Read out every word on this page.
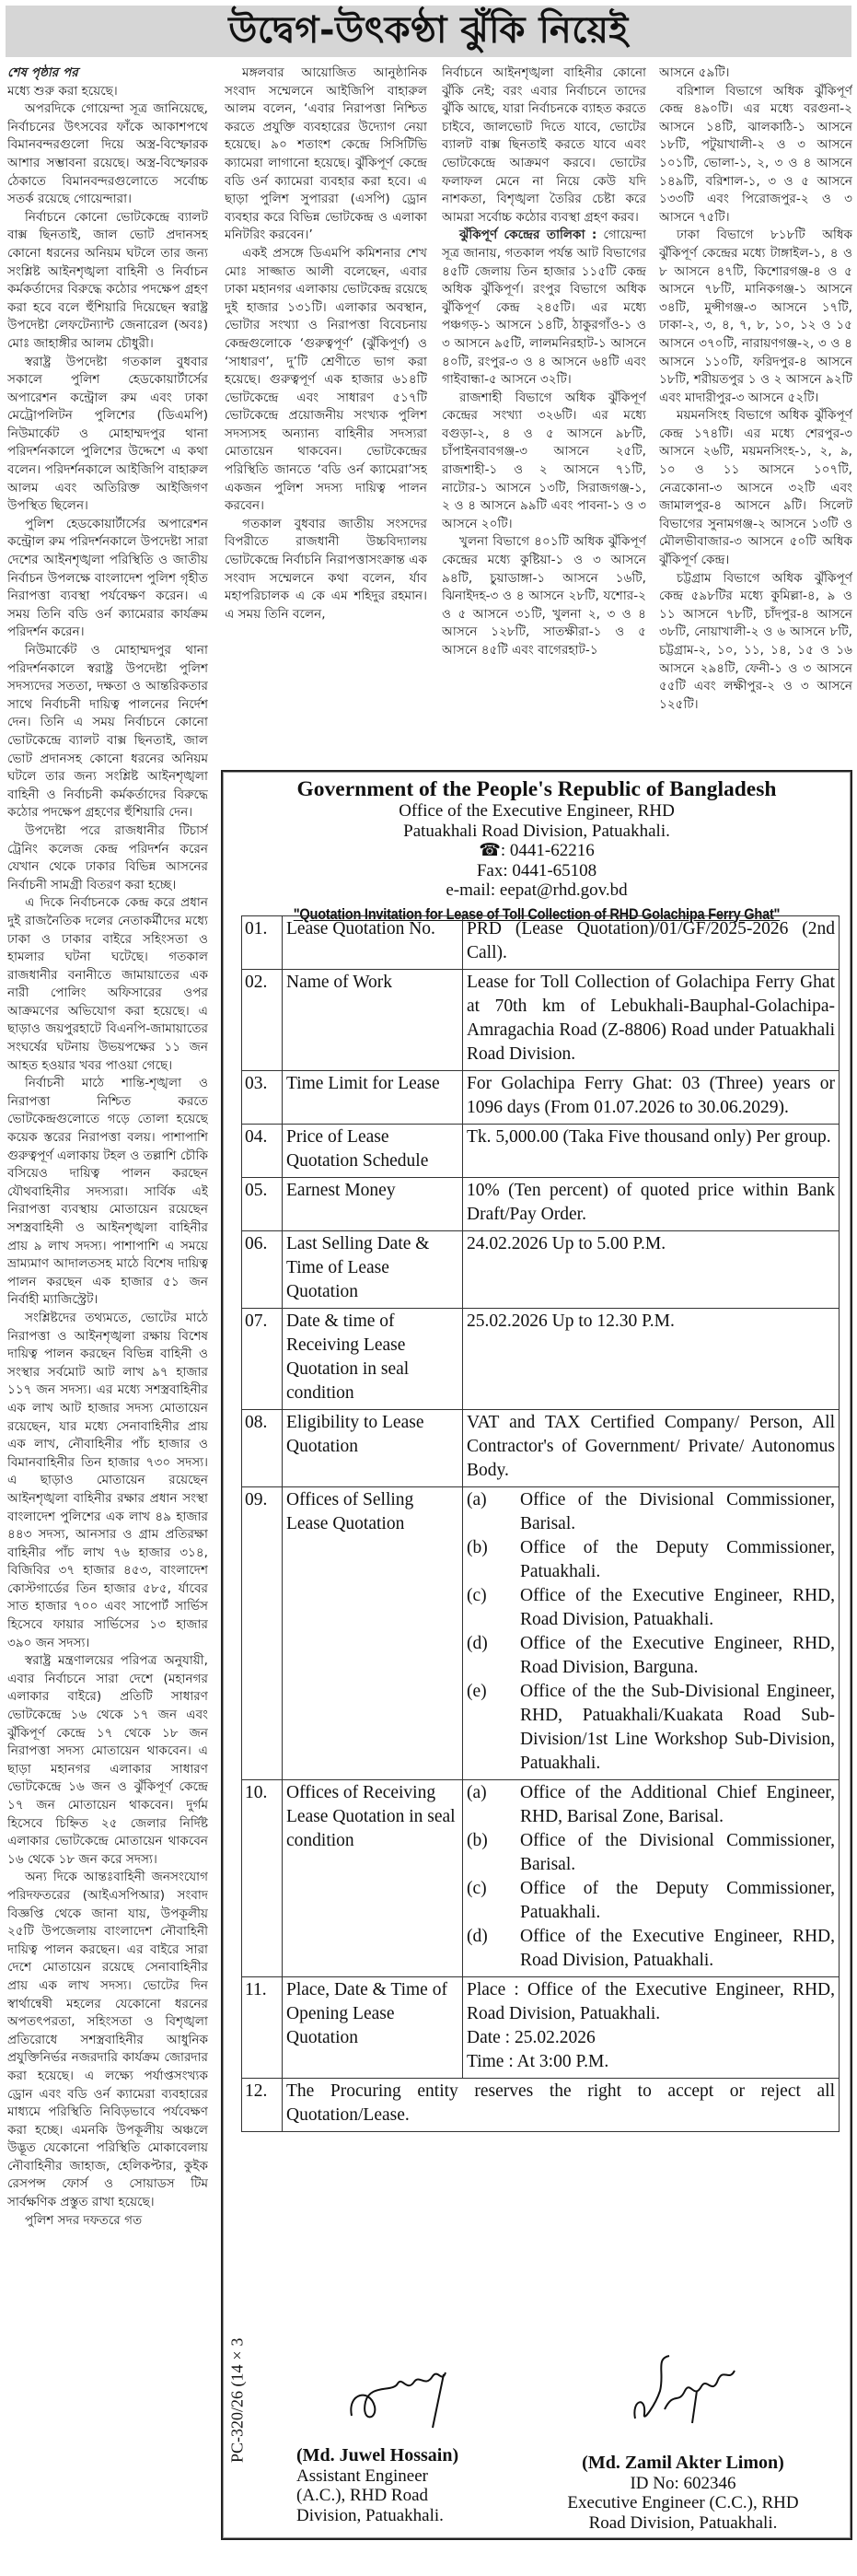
উদ্বেগ-উৎকণ্ঠা ঝুঁকি নিয়েই

শেষ পৃষ্ঠার পর

মধ্যে শুরু করা হয়েছে।

অপরদিকে গোয়েন্দা সূত্র জানিয়েছে, নির্বাচনের উৎসবের ফাঁকে আকাশপথে বিমানবন্দরগুলো দিয়ে অস্ত্র-বিস্ফোরক আশার সম্ভাবনা রয়েছে। অস্ত্র-বিস্ফোরক ঠেকাতে বিমানবন্দরগুলোতে সর্বোচ্চ সতর্ক রয়েছে গোয়েন্দারা।

নির্বাচনে কোনো ভোটকেন্দ্রে ব্যালট বাক্স ছিনতাই, জাল ভোট প্রদানসহ কোনো ধরনের অনিয়ম ঘটলে তার জন্য সংশ্লিষ্ট আইনশৃঙ্খলা বাহিনী ও নির্বাচন কর্মকর্তাদের বিরুদ্ধে কঠোর পদক্ষেপ গ্রহণ করা হবে বলে হুঁশিয়ারি দিয়েছেন স্বরাষ্ট্র উপদেষ্টা লেফটেন্যান্ট জেনারেল (অবঃ) মোঃ জাহাঙ্গীর আলম চৌধুরী।

স্বরাষ্ট্র উপদেষ্টা গতকাল বুধবার সকালে পুলিশ হেডকোয়ার্টার্সের অপারেশন কন্ট্রোল রুম এবং ঢাকা মেট্রোপলিটন পুলিশের (ডিএমপি) নিউমার্কেট ও মোহাম্মদপুর থানা পরিদর্শনকালে পুলিশের উদ্দেশে এ কথা বলেন। পরিদর্শনকালে আইজিপি বাহারুল আলম এবং অতিরিক্ত আইজিগণ উপস্থিত ছিলেন।

পুলিশ হেডকোয়ার্টার্সের অপারেশন কন্ট্রোল রুম পরিদর্শনকালে উপদেষ্টা সারা দেশের আইনশৃঙ্খলা পরিস্থিতি ও জাতীয় নির্বাচন উপলক্ষে বাংলাদেশ পুলিশ গৃহীত নিরাপত্তা ব্যবস্থা পর্যবেক্ষণ করেন। এ সময় তিনি বডি ওর্ন ক্যামেরার কার্যক্রম পরিদর্শন করেন।

নিউমার্কেট ও মোহাম্মদপুর থানা পরিদর্শনকালে স্বরাষ্ট্র উপদেষ্টা পুলিশ সদস্যদের সততা, দক্ষতা ও আন্তরিকতার সাথে নির্বাচনী দায়িত্ব পালনের নির্দেশ দেন। তিনি এ সময় নির্বাচনে কোনো ভোটকেন্দ্রে ব্যালট বাক্স ছিনতাই, জাল ভোট প্রদানসহ কোনো ধরনের অনিয়ম ঘটলে তার জন্য সংশ্লিষ্ট আইনশৃঙ্খলা বাহিনী ও নির্বাচনী কর্মকর্তাদের বিরুদ্ধে কঠোর পদক্ষেপ গ্রহণের হুঁশিয়ারি দেন।

উপদেষ্টা পরে রাজধানীর টিচার্স ট্রেনিং কলেজ কেন্দ্র পরিদর্শন করেন যেখান থেকে ঢাকার বিভিন্ন আসনের নির্বাচনী সামগ্রী বিতরণ করা হচ্ছে।

এ দিকে নির্বাচনকে কেন্দ্র করে প্রধান দুই রাজনৈতিক দলের নেতাকর্মীদের মধ্যে ঢাকা ও ঢাকার বাইরে সহিংসতা ও হামলার ঘটনা ঘটেছে। গতকাল রাজধানীর বনানীতে জামায়াতের এক নারী পোলিং অফিসারের ওপর আক্রমণের অভিযোগ করা হয়েছে। এ ছাড়াও জয়পুরহাটে বিএনপি-জামায়াতের সংঘর্ষের ঘটনায় উভয়পক্ষের ১১ জন আহত হওয়ার খবর পাওয়া গেছে।

নির্বাচনী মাঠে শান্তি-শৃঙ্খলা ও নিরাপত্তা নিশ্চিত করতে ভোটকেন্দ্রগুলোতে গড়ে তোলা হয়েছে কয়েক স্তরের নিরাপত্তা বলয়। পাশাপাশি গুরুত্বপূর্ণ এলাকায় টহল ও তল্লাশি চৌকি বসিয়েও দায়িত্ব পালন করছেন যৌথবাহিনীর সদস্যরা। সার্বিক এই নিরাপত্তা ব্যবস্থায় মোতায়েন রয়েছেন সশস্ত্রবাহিনী ও আইনশৃঙ্খলা বাহিনীর প্রায় ৯ লাখ সদস্য। পাশাপাশি এ সময়ে ভ্রাম্যমাণ আদালতসহ মাঠে বিশেষ দায়িত্ব পালন করছেন এক হাজার ৫১ জন নির্বাহী ম্যাজিস্ট্রেট।

সংশ্লিষ্টদের তথ্যমতে, ভোটের মাঠে নিরাপত্তা ও আইনশৃঙ্খলা রক্ষায় বিশেষ দায়িত্ব পালন করছেন বিভিন্ন বাহিনী ও সংস্থার সর্বমোট আট লাখ ৯৭ হাজার ১১৭ জন সদস্য। এর মধ্যে সশস্ত্রবাহিনীর এক লাখ আট হাজার সদস্য মোতায়েন রয়েছেন, যার মধ্যে সেনাবাহিনীর প্রায় এক লাখ, নৌবাহিনীর পাঁচ হাজার ও বিমানবাহিনীর তিন হাজার ৭৩০ সদস্য। এ ছাড়াও মোতায়েন রয়েছেন আইনশৃঙ্খলা বাহিনীর রক্ষার প্রধান সংস্থা বাংলাদেশ পুলিশের এক লাখ ৪৯ হাজার ৪৪৩ সদস্য, আনসার ও গ্রাম প্রতিরক্ষা বাহিনীর পাঁচ লাখ ৭৬ হাজার ৩১৪, বিজিবির ৩৭ হাজার ৪৫৩, বাংলাদেশ কোস্টগার্ডের তিন হাজার ৫৮৫, র্যাবের সাত হাজার ৭০০ এবং সাপোর্ট সার্ভিস হিসেবে ফায়ার সার্ভিসের ১৩ হাজার ৩৯০ জন সদস্য।

স্বরাষ্ট্র মন্ত্রণালয়ের পরিপত্র অনুযায়ী, এবার নির্বাচনে সারা দেশে (মহানগর এলাকার বাইরে) প্রতিটি সাধারণ ভোটকেন্দ্রে ১৬ থেকে ১৭ জন এবং ঝুঁকিপূর্ণ কেন্দ্রে ১৭ থেকে ১৮ জন নিরাপত্তা সদস্য মোতায়েন থাকবেন। এ ছাড়া মহানগর এলাকার সাধারণ ভোটকেন্দ্রে ১৬ জন ও ঝুঁকিপূর্ণ কেন্দ্রে ১৭ জন মোতায়েন থাকবেন। দুর্গম হিসেবে চিহ্নিত ২৫ জেলার নির্দিষ্ট এলাকার ভোটকেন্দ্রে মোতায়েন থাকবেন ১৬ থেকে ১৮ জন করে সদস্য।

অন্য দিকে আন্তঃবাহিনী জনসংযোগ পরিদফতরের (আইএসপিআর) সংবাদ বিজ্ঞপ্তি থেকে জানা যায়, উপকূলীয় ২৫টি উপজেলায় বাংলাদেশ নৌবাহিনী দায়িত্ব পালন করছেন। এর বাইরে সারা দেশে মোতায়েন রয়েছে সেনাবাহিনীর প্রায় এক লাখ সদস্য। ভোটের দিন স্বার্থান্বেষী মহলের যেকোনো ধরনের অপতৎপরতা, সহিংসতা ও বিশৃঙ্খলা প্রতিরোধে সশস্ত্রবাহিনীর আধুনিক প্রযুক্তিনির্ভর নজরদারি কার্যক্রম জোরদার করা হয়েছে। এ লক্ষ্যে পর্যাপ্তসংখ্যক ড্রোন এবং বডি ওর্ন ক্যামেরা ব্যবহারের মাধ্যমে পরিস্থিতি নিবিড়ভাবে পর্যবেক্ষণ করা হচ্ছে। এমনকি উপকূলীয় অঞ্চলে উদ্ভূত যেকোনো পরিস্থিতি মোকাবেলায় নৌবাহিনীর জাহাজ, হেলিকপ্টার, কুইক রেসপন্স ফোর্স ও সোয়াডস টিম সার্বক্ষণিক প্রস্তুত রাখা হয়েছে।

পুলিশ সদর দফতরে গত

মঙ্গলবার আয়োজিত আনুষ্ঠানিক সংবাদ সম্মেলনে আইজিপি বাহারুল আলম বলেন, ‘এবার নিরাপত্তা নিশ্চিত করতে প্রযুক্তি ব্যবহারের উদ্যোগ নেয়া হয়েছে। ৯০ শতাংশ কেন্দ্রে সিসিটিভি ক্যামেরা লাগানো হয়েছে। ঝুঁকিপূর্ণ কেন্দ্রে বডি ওর্ন ক্যামেরা ব্যবহার করা হবে। এ ছাড়া পুলিশ সুপাররা (এসপি) ড্রোন ব্যবহার করে বিভিন্ন ভোটকেন্দ্র ও এলাকা মনিটরিং করবেন।’

একই প্রসঙ্গে ডিএমপি কমিশনার শেখ মোঃ সাজ্জাত আলী বলেছেন, এবার ঢাকা মহানগর এলাকায় ভোটকেন্দ্র রয়েছে দুই হাজার ১৩১টি। এলাকার অবস্থান, ভোটার সংখ্যা ও নিরাপত্তা বিবেচনায় কেন্দ্রগুলোকে ‘গুরুত্বপূর্ণ’ (ঝুঁকিপূর্ণ) ও ‘সাধারণ’, দু’টি শ্রেণীতে ভাগ করা হয়েছে। গুরুত্বপূর্ণ এক হাজার ৬১৪টি ভোটকেন্দ্রে এবং সাধারণ ৫১৭টি ভোটকেন্দ্রে প্রয়োজনীয় সংখ্যক পুলিশ সদস্যসহ অন্যান্য বাহিনীর সদস্যরা মোতায়েন থাকবেন। ভোটকেন্দ্রের পরিস্থিতি জানতে ‘বডি ওর্ন ক্যামেরা’সহ একজন পুলিশ সদস্য দায়িত্ব পালন করবেন।

গতকাল বুধবার জাতীয় সংসদের বিপরীতে রাজধানী উচ্চবিদ্যালয় ভোটকেন্দ্রে নির্বাচনি নিরাপত্তাসংক্রান্ত এক সংবাদ সম্মেলনে কথা বলেন, র্যাব মহাপরিচালক এ কে এম শহিদুর রহমান। এ সময় তিনি বলেন,

নির্বাচনে আইনশৃঙ্খলা বাহিনীর কোনো ঝুঁকি নেই; বরং এবার নির্বাচনে তাদের ঝুঁকি আছে, যারা নির্বাচনকে ব্যাহত করতে চাইবে, জালভোট দিতে যাবে, ভোটের ব্যালট বাক্স ছিনতাই করতে যাবে এবং ভোটকেন্দ্রে আক্রমণ করবে। ভোটের ফলাফল মেনে না নিয়ে কেউ যদি নাশকতা, বিশৃঙ্খলা তৈরির চেষ্টা করে আমরা সর্বোচ্চ কঠোর ব্যবস্থা গ্রহণ করব।

ঝুঁকিপূর্ণ কেন্দ্রের তালিকা : গোয়েন্দা সূত্র জানায়, গতকাল পর্যন্ত আট বিভাগের ৪৫টি জেলায় তিন হাজার ১১৫টি কেন্দ্র অধিক ঝুঁকিপূর্ণ। রংপুর বিভাগে অধিক ঝুঁকিপূর্ণ কেন্দ্র ২৪৫টি। এর মধ্যে পঞ্চগড়-১ আসনে ১৪টি, ঠাকুরগাঁও-১ ও ৩ আসনে ৯৫টি, লালমনিরহাট-১ আসনে ৪০টি, রংপুর-৩ ও ৪ আসনে ৬৪টি এবং গাইবান্ধা-৫ আসনে ৩২টি।

রাজশাহী বিভাগে অধিক ঝুঁকিপূর্ণ কেন্দ্রের সংখ্যা ৩২৬টি। এর মধ্যে বগুড়া-২, ৪ ও ৫ আসনে ৯৮টি, চাঁপাইনবাবগঞ্জ-৩ আসনে ২৫টি, রাজশাহী-১ ও ২ আসনে ৭১টি, নাটোর-১ আসনে ১৩টি, সিরাজগঞ্জ-১, ২ ও ৪ আসনে ৯৯টি এবং পাবনা-১ ও ৩ আসনে ২০টি।

খুলনা বিভাগে ৪০১টি অধিক ঝুঁকিপূর্ণ কেন্দ্রের মধ্যে কুষ্টিয়া-১ ও ৩ আসনে ৯৪টি, চুয়াডাঙ্গা-১ আসনে ১৬টি, ঝিনাইদহ-৩ ও ৪ আসনে ২৮টি, যশোর-২ ও ৫ আসনে ৩১টি, খুলনা ২, ৩ ও ৪ আসনে ১২৮টি, সাতক্ষীরা-১ ও ৫ আসনে ৪৫টি এবং বাগেরহাট-১

আসনে ৫৯টি।

বরিশাল বিভাগে অধিক ঝুঁকিপূর্ণ কেন্দ্র ৪৯০টি। এর মধ্যে বরগুনা-২ আসনে ১৪টি, ঝালকাঠি-১ আসনে ১৮টি, পটুয়াখালী-২ ও ৩ আসনে ১০১টি, ভোলা-১, ২, ৩ ও ৪ আসনে ১৪৯টি, বরিশাল-১, ৩ ও ৫ আসনে ১৩৩টি এবং পিরোজপুর-২ ও ৩ আসনে ৭৫টি।

ঢাকা বিভাগে ৮১৮টি অধিক ঝুঁকিপূর্ণ কেন্দ্রের মধ্যে টাঙ্গাইল-১, ৪ ও ৮ আসনে ৪৭টি, কিশোরগঞ্জ-৪ ও ৫ আসনে ৭৮টি, মানিকগঞ্জ-১ আসনে ৩৪টি, মুন্সীগঞ্জ-৩ আসনে ১৭টি, ঢাকা-২, ৩, ৪, ৭, ৮, ১০, ১২ ও ১৫ আসনে ৩৭০টি, নারায়ণগঞ্জ-২, ৩ ও ৪ আসনে ১১০টি, ফরিদপুর-৪ আসনে ১৮টি, শরীয়তপুর ১ ও ২ আসনে ৯২টি এবং মাদারীপুর-৩ আসনে ৫২টি।

ময়মনসিংহ বিভাগে অধিক ঝুঁকিপূর্ণ কেন্দ্র ১৭৪টি। এর মধ্যে শেরপুর-৩ আসনে ২৬টি, ময়মনসিংহ-১, ২, ৯, ১০ ও ১১ আসনে ১০৭টি, নেত্রকোনা-৩ আসনে ৩২টি এবং জামালপুর-৪ আসনে ৯টি। সিলেট বিভাগের সুনামগঞ্জ-২ আসনে ১৩টি ও মৌলভীবাজার-৩ আসনে ৫০টি অধিক ঝুঁকিপূর্ণ কেন্দ্র।

চট্টগ্রাম বিভাগে অধিক ঝুঁকিপূর্ণ কেন্দ্র ৫৯৮টির মধ্যে কুমিল্লা-৪, ৯ ও ১১ আসনে ৭৮টি, চাঁদপুর-৪ আসনে ৩৮টি, নোয়াখালী-২ ও ৬ আসনে ৮টি, চট্টগ্রাম-২, ১০, ১১, ১৪, ১৫ ও ১৬ আসনে ২৯৪টি, ফেনী-১ ও ৩ আসনে ৫৫টি এবং লক্ষীপুর-২ ও ৩ আসনে ১২৫টি।

Government of the People's Republic of Bangladesh
Office of the Executive Engineer, RHD
Patuakhali Road Division, Patuakhali.
☎: 0441-62216
Fax: 0441-65108
e-mail: eepat@rhd.gov.bd
"Quotation Invitation for Lease of Toll Collection of RHD Golachipa Ferry Ghat"
01.	Lease Quotation No.	PRD (Lease Quotation)/01/GF/2025-2026 (2nd Call).
02.	Name of Work	Lease for Toll Collection of Golachipa Ferry Ghat at 70th km of Lebukhali-Bauphal-Golachipa-Amragachia Road (Z-8806) Road under Patuakhali Road Division.
03.	Time Limit for Lease	For Golachipa Ferry Ghat: 03 (Three) years or 1096 days (From 01.07.2026 to 30.06.2029).
04.	Price of Lease Quotation Schedule	Tk. 5,000.00 (Taka Five thousand only) Per group.
05.	Earnest Money	10% (Ten percent) of quoted price within Bank Draft/Pay Order.
06.	Last Selling Date & Time of Lease Quotation	24.02.2026 Up to 5.00 P.M.
07.	Date & time of Receiving Lease Quotation in seal condition	25.02.2026 Up to 12.30 P.M.
08.	Eligibility to Lease Quotation	VAT and TAX Certified Company/ Person, All Contractor's of Government/ Private/ Autonomus Body.
09.	Offices of Selling Lease Quotation	
(a)	Office of the Divisional Commissioner, Barisal.
(b)	Office of the Deputy Commissioner, Patuakhali.
(c)	Office of the Executive Engineer, RHD, Road Division, Patuakhali.
(d)	Office of the Executive Engineer, RHD, Road Division, Barguna.
(e)	Office of the the Sub-Divisional Engineer, RHD, Patuakhali/Kuakata Road Sub-Division/1st Line Workshop Sub-Division, Patuakhali.

10.	Offices of Receiving Lease Quotation in seal condition	
(a)	Office of the Additional Chief Engineer, RHD, Barisal Zone, Barisal.
(b)	Office of the Divisional Commissioner, Barisal.
(c)	Office of the Deputy Commissioner, Patuakhali.
(d)	Office of the Executive Engineer, RHD, Road Division, Patuakhali.

11.	Place, Date & Time of Opening Lease Quotation	Place : Office of the Executive Engineer, RHD, Road Division, Patuakhali.
Date : 25.02.2026
Time : At 3:00 P.M.

12.	The Procuring entity reserves the right to accept or reject all Quotation/Lease.	
PC-320/26 (14×3	(Md. Juwel Hossain)
Assistant Engineer
(A.C.), RHD Road
Division, Patuakhali.
(Md. Zamil Akter Limon)
ID No: 602346
Executive Engineer (C.C.), RHD
Road Division, Patuakhali.
